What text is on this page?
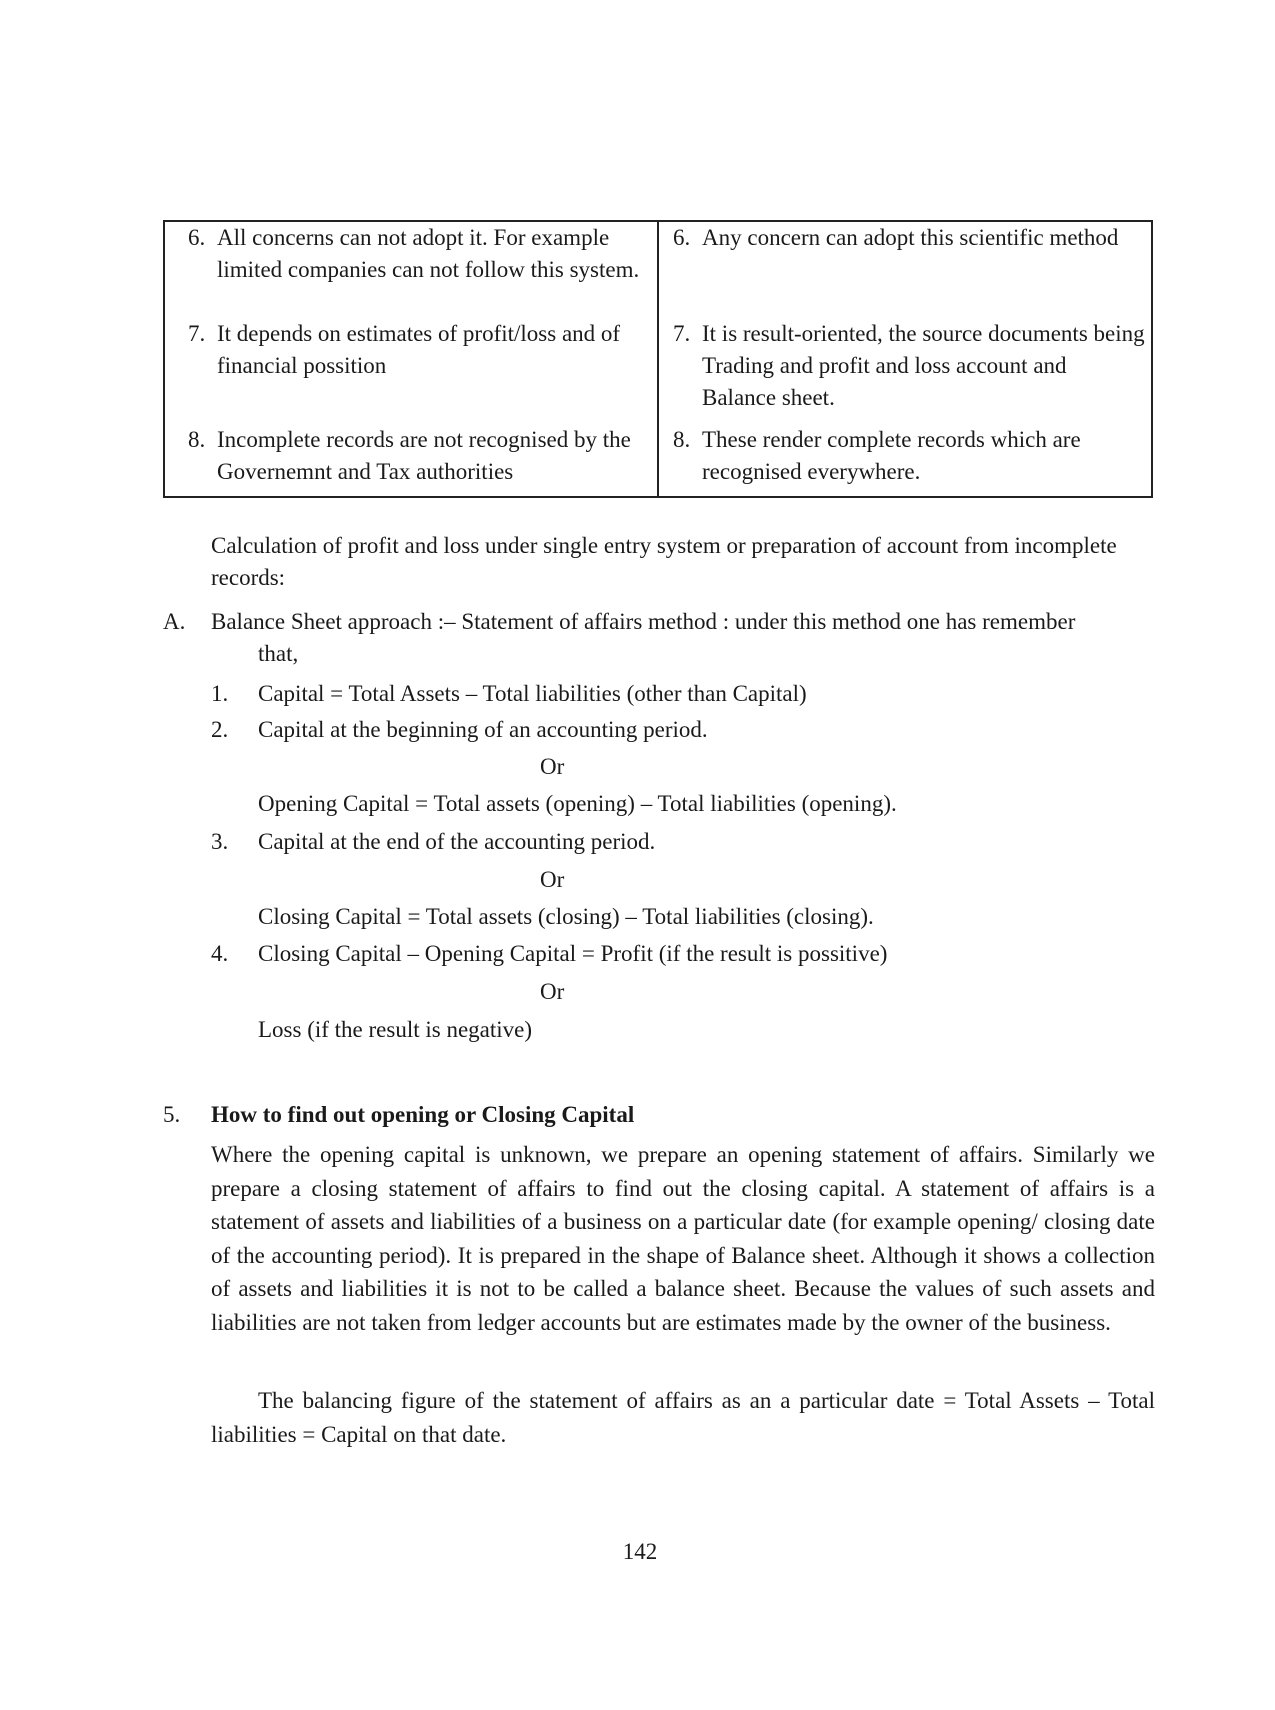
6. All concerns can not adopt it. For example limited companies can not follow this system.	6. Any concern can adopt this scientific method

7. It depends on estimates of profit/loss and of financial possition	7. It is result-oriented, the source documents being Trading and profit and loss account and Balance sheet.

8. Incomplete records are not recognised by the Governemnt and Tax authorities	8. These render complete records which are recognised everywhere.
Calculation of profit and loss under single entry system or preparation of account from incomplete records:
A. Balance Sheet approach :– Statement of affairs method : under this method one has remember
that,
1. Capital = Total Assets – Total liabilities (other than Capital)
2. Capital at the beginning of an accounting period.
Or
Opening Capital = Total assets (opening) – Total liabilities (opening).
3. Capital at the end of the accounting period.
Or
Closing Capital = Total assets (closing) – Total liabilities (closing).
4. Closing Capital – Opening Capital = Profit (if the result is possitive)
Or
Loss (if the result is negative)
5. How to find out opening or Closing Capital
Where the opening capital is unknown, we prepare an opening statement of affairs. Similarly we prepare a closing statement of affairs to find out the closing capital. A statement of affairs is a statement of assets and liabilities of a business on a particular date (for example opening/ closing date of the accounting period). It is prepared in the shape of Balance sheet. Although it shows a collection of assets and liabilities it is not to be called a balance sheet. Because the values of such assets and liabilities are not taken from ledger accounts but are estimates made by the owner of the business.
The balancing figure of the statement of affairs as an a particular date = Total Assets – Total liabilities = Capital on that date.
142
